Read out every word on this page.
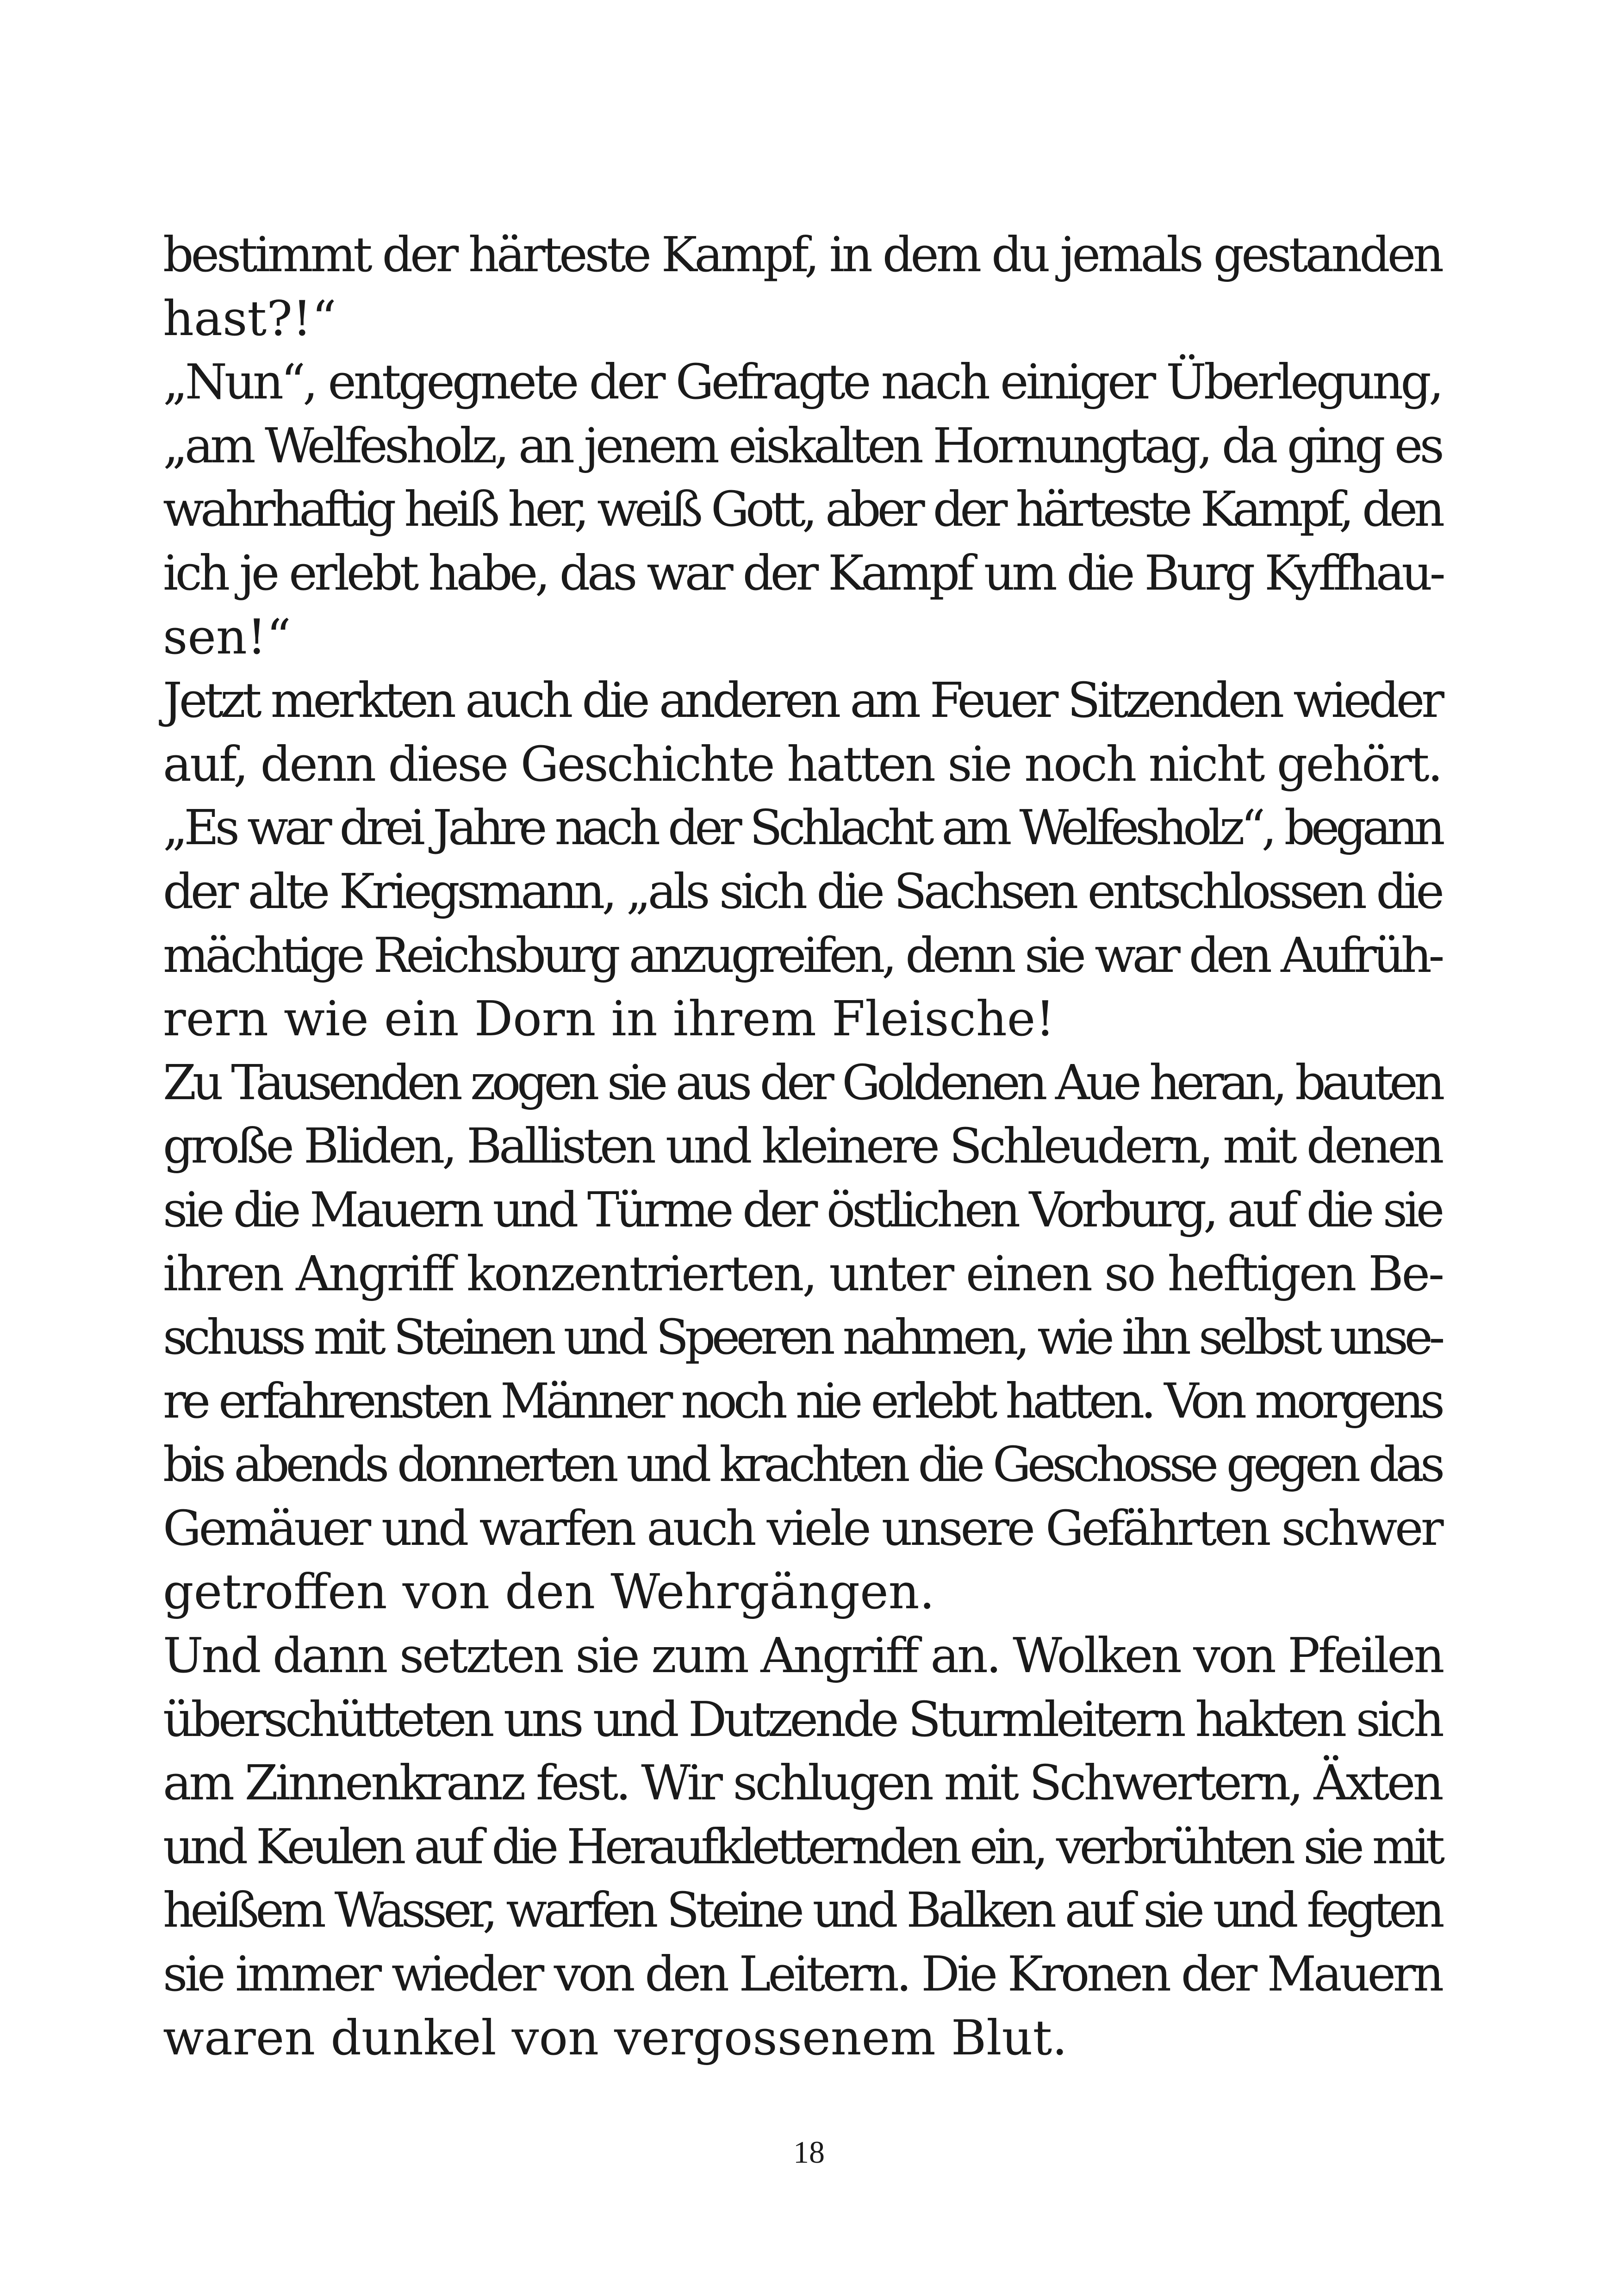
bestimmt der härteste Kampf, in dem du jemals gestanden
hast?!“
„Nun“, entgegnete der Gefragte nach einiger Überlegung,
„am Welfesholz, an jenem eiskalten Hornungtag, da ging es
wahrhaftig heiß her, weiß Gott, aber der härteste Kampf, den
ich je erlebt habe, das war der Kampf um die Burg Kyffhau-
sen!“
Jetzt merkten auch die anderen am Feuer Sitzenden wieder
auf, denn diese Geschichte hatten sie noch nicht gehört.
„Es war drei Jahre nach der Schlacht am Welfesholz“, begann
der alte Kriegsmann, „als sich die Sachsen entschlossen die
mächtige Reichsburg anzugreifen, denn sie war den Aufrüh-
rern wie ein Dorn in ihrem Fleische!
Zu Tausenden zogen sie aus der Goldenen Aue heran, bauten
große Bliden, Ballisten und kleinere Schleudern, mit denen
sie die Mauern und Türme der östlichen Vorburg, auf die sie
ihren Angriff konzentrierten, unter einen so heftigen Be-
schuss mit Steinen und Speeren nahmen, wie ihn selbst unse-
re erfahrensten Männer noch nie erlebt hatten. Von morgens
bis abends donnerten und krachten die Geschosse gegen das
Gemäuer und warfen auch viele unsere Gefährten schwer
getroffen von den Wehrgängen.
Und dann setzten sie zum Angriff an. Wolken von Pfeilen
überschütteten uns und Dutzende Sturmleitern hakten sich
am Zinnenkranz fest. Wir schlugen mit Schwertern, Äxten
und Keulen auf die Heraufkletternden ein, verbrühten sie mit
heißem Wasser, warfen Steine und Balken auf sie und fegten
sie immer wieder von den Leitern. Die Kronen der Mauern
waren dunkel von vergossenem Blut.
18
